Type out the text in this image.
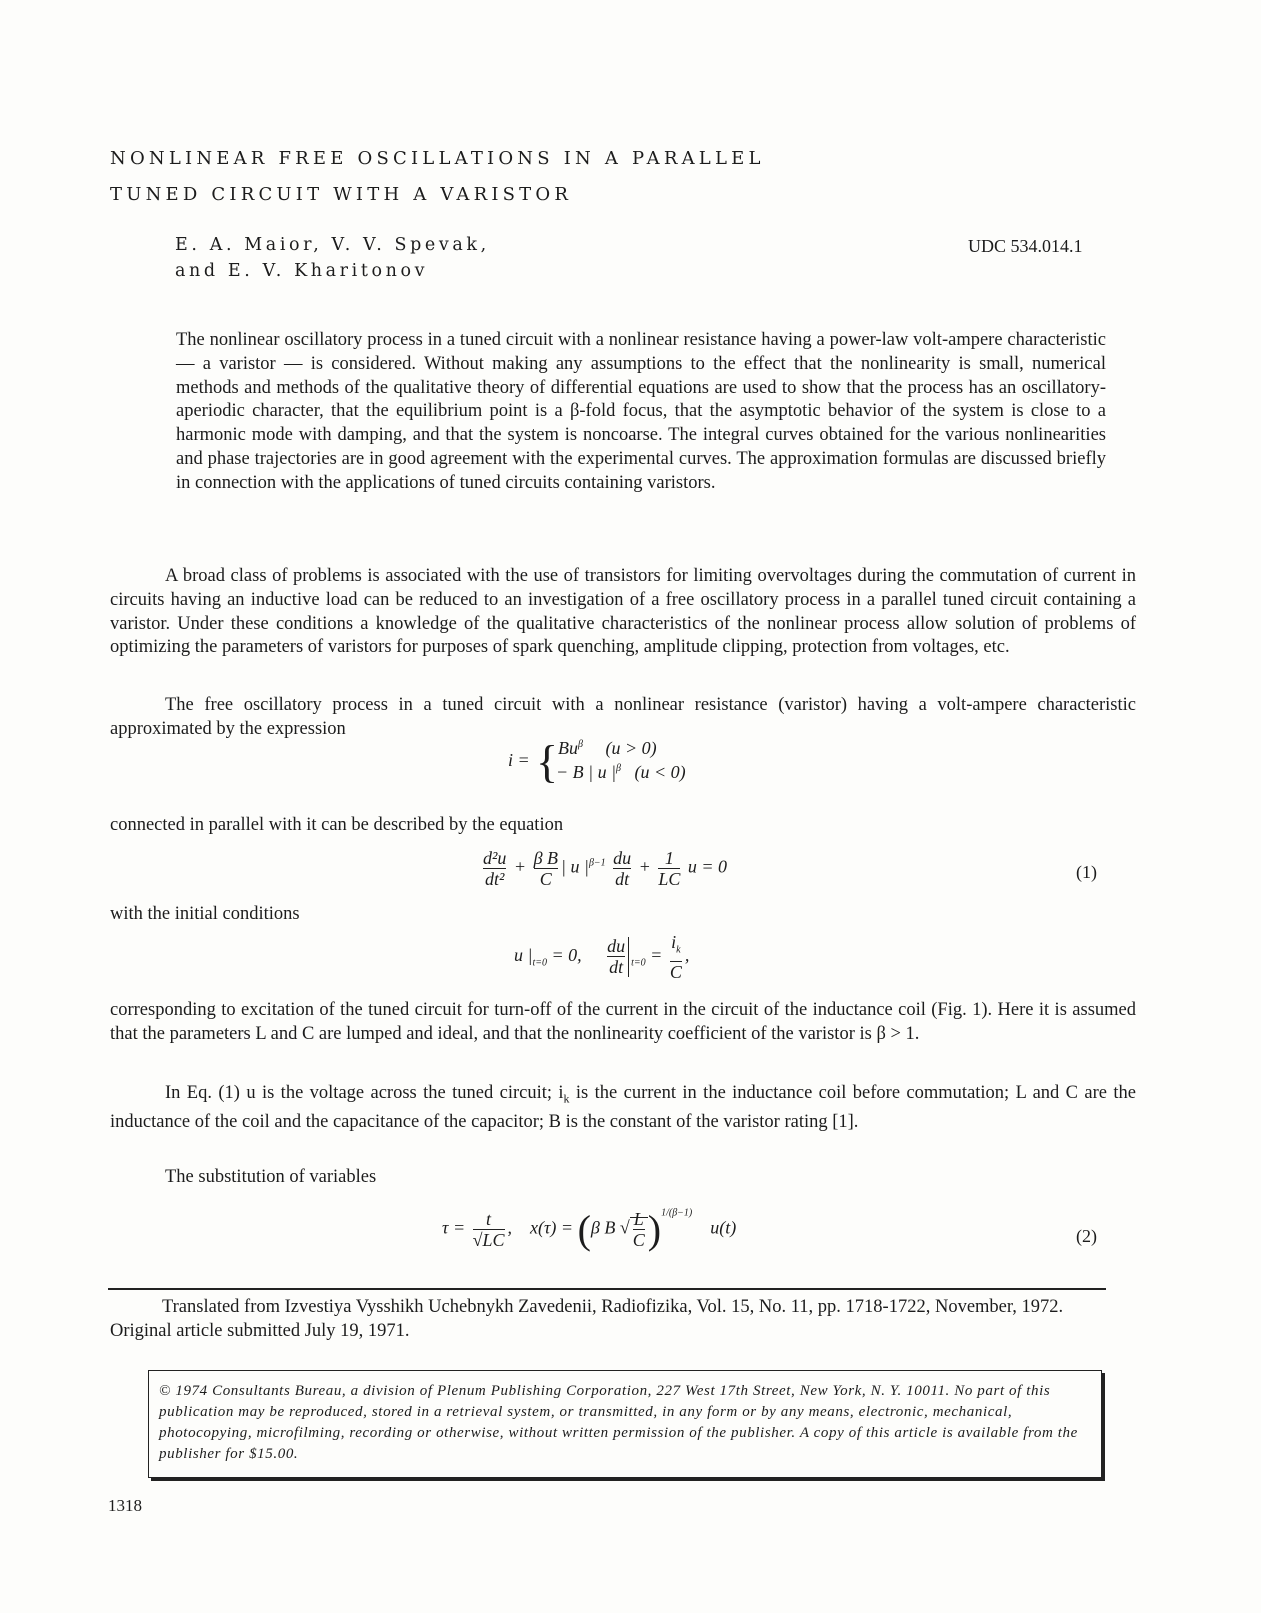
NONLINEAR FREE OSCILLATIONS IN A PARALLEL
TUNED CIRCUIT WITH A VARISTOR
E. A. Maior, V. V. Spevak,
and E. V. Kharitonov
UDC 534.014.1
The nonlinear oscillatory process in a tuned circuit with a nonlinear resistance having a power-law volt-ampere characteristic — a varistor — is considered. Without making any assumptions to the effect that the nonlinearity is small, numerical methods and methods of the qualitative theory of differential equations are used to show that the process has an oscillatory-aperiodic character, that the equilibrium point is a β-fold focus, that the asymptotic behavior of the system is close to a harmonic mode with damping, and that the system is noncoarse. The integral curves obtained for the various nonlinearities and phase trajectories are in good agreement with the experimental curves. The approximation formulas are discussed briefly in connection with the applications of tuned circuits containing varistors.
A broad class of problems is associated with the use of transistors for limiting overvoltages during the commutation of current in circuits having an inductive load can be reduced to an investigation of a free oscillatory process in a parallel tuned circuit containing a varistor. Under these conditions a knowledge of the qualitative characteristics of the nonlinear process allow solution of problems of optimizing the parameters of varistors for purposes of spark quenching, amplitude clipping, protection from voltages, etc.
The free oscillatory process in a tuned circuit with a nonlinear resistance (varistor) having a volt-ampere characteristic approximated by the expression
i = { $Bu^\beta$     (u > 0)
− B | u $|^\beta$   (u < 0)
connected in parallel with it can be described by the equation
$\frac{\text{d²u}}{\text{dt²}} + \frac{\text{β B}}{C}$ | u $|^{\beta-1} \frac{du}{dt} + \frac{1}{LC}$ u = 0	(1)
with the initial conditions
u $|_{t=0} = 0$, $\frac{du}{dt} _{t=0} = \frac{i_k}{C}$ ,
corresponding to excitation of the tuned circuit for turn-off of the current in the circuit of the inductance coil (Fig. 1). Here it is assumed that the parameters L and C are lumped and ideal, and that the nonlinearity coefficient of the varistor is β > 1.
In Eq. (1) u is the voltage across the tuned circuit; $i_k$ is the current in the inductance coil before commutation; L and C are the inductance of the coil and the capacitance of the capacitor; B is the constant of the varistor rating [1].
The substitution of variables
$\tau = \frac{t}{√LC}$ ,    x(τ) = (β B √ $\frac{L}{C} )^{1/(\beta-1)}$    u(t)	(2)
Translated from Izvestiya Vysshikh Uchebnykh Zavedenii, Radiofizika, Vol. 15, No. 11, pp. 1718-1722, November, 1972. Original article submitted July 19, 1971.
© 1974 Consultants Bureau, a division of Plenum Publishing Corporation, 227 West 17th Street, New York, N. Y. 10011. No part of this publication may be reproduced, stored in a retrieval system, or transmitted, in any form or by any means, electronic, mechanical, photocopying, microfilming, recording or otherwise, without written permission of the publisher. A copy of this article is available from the publisher for $15.00.
1318
